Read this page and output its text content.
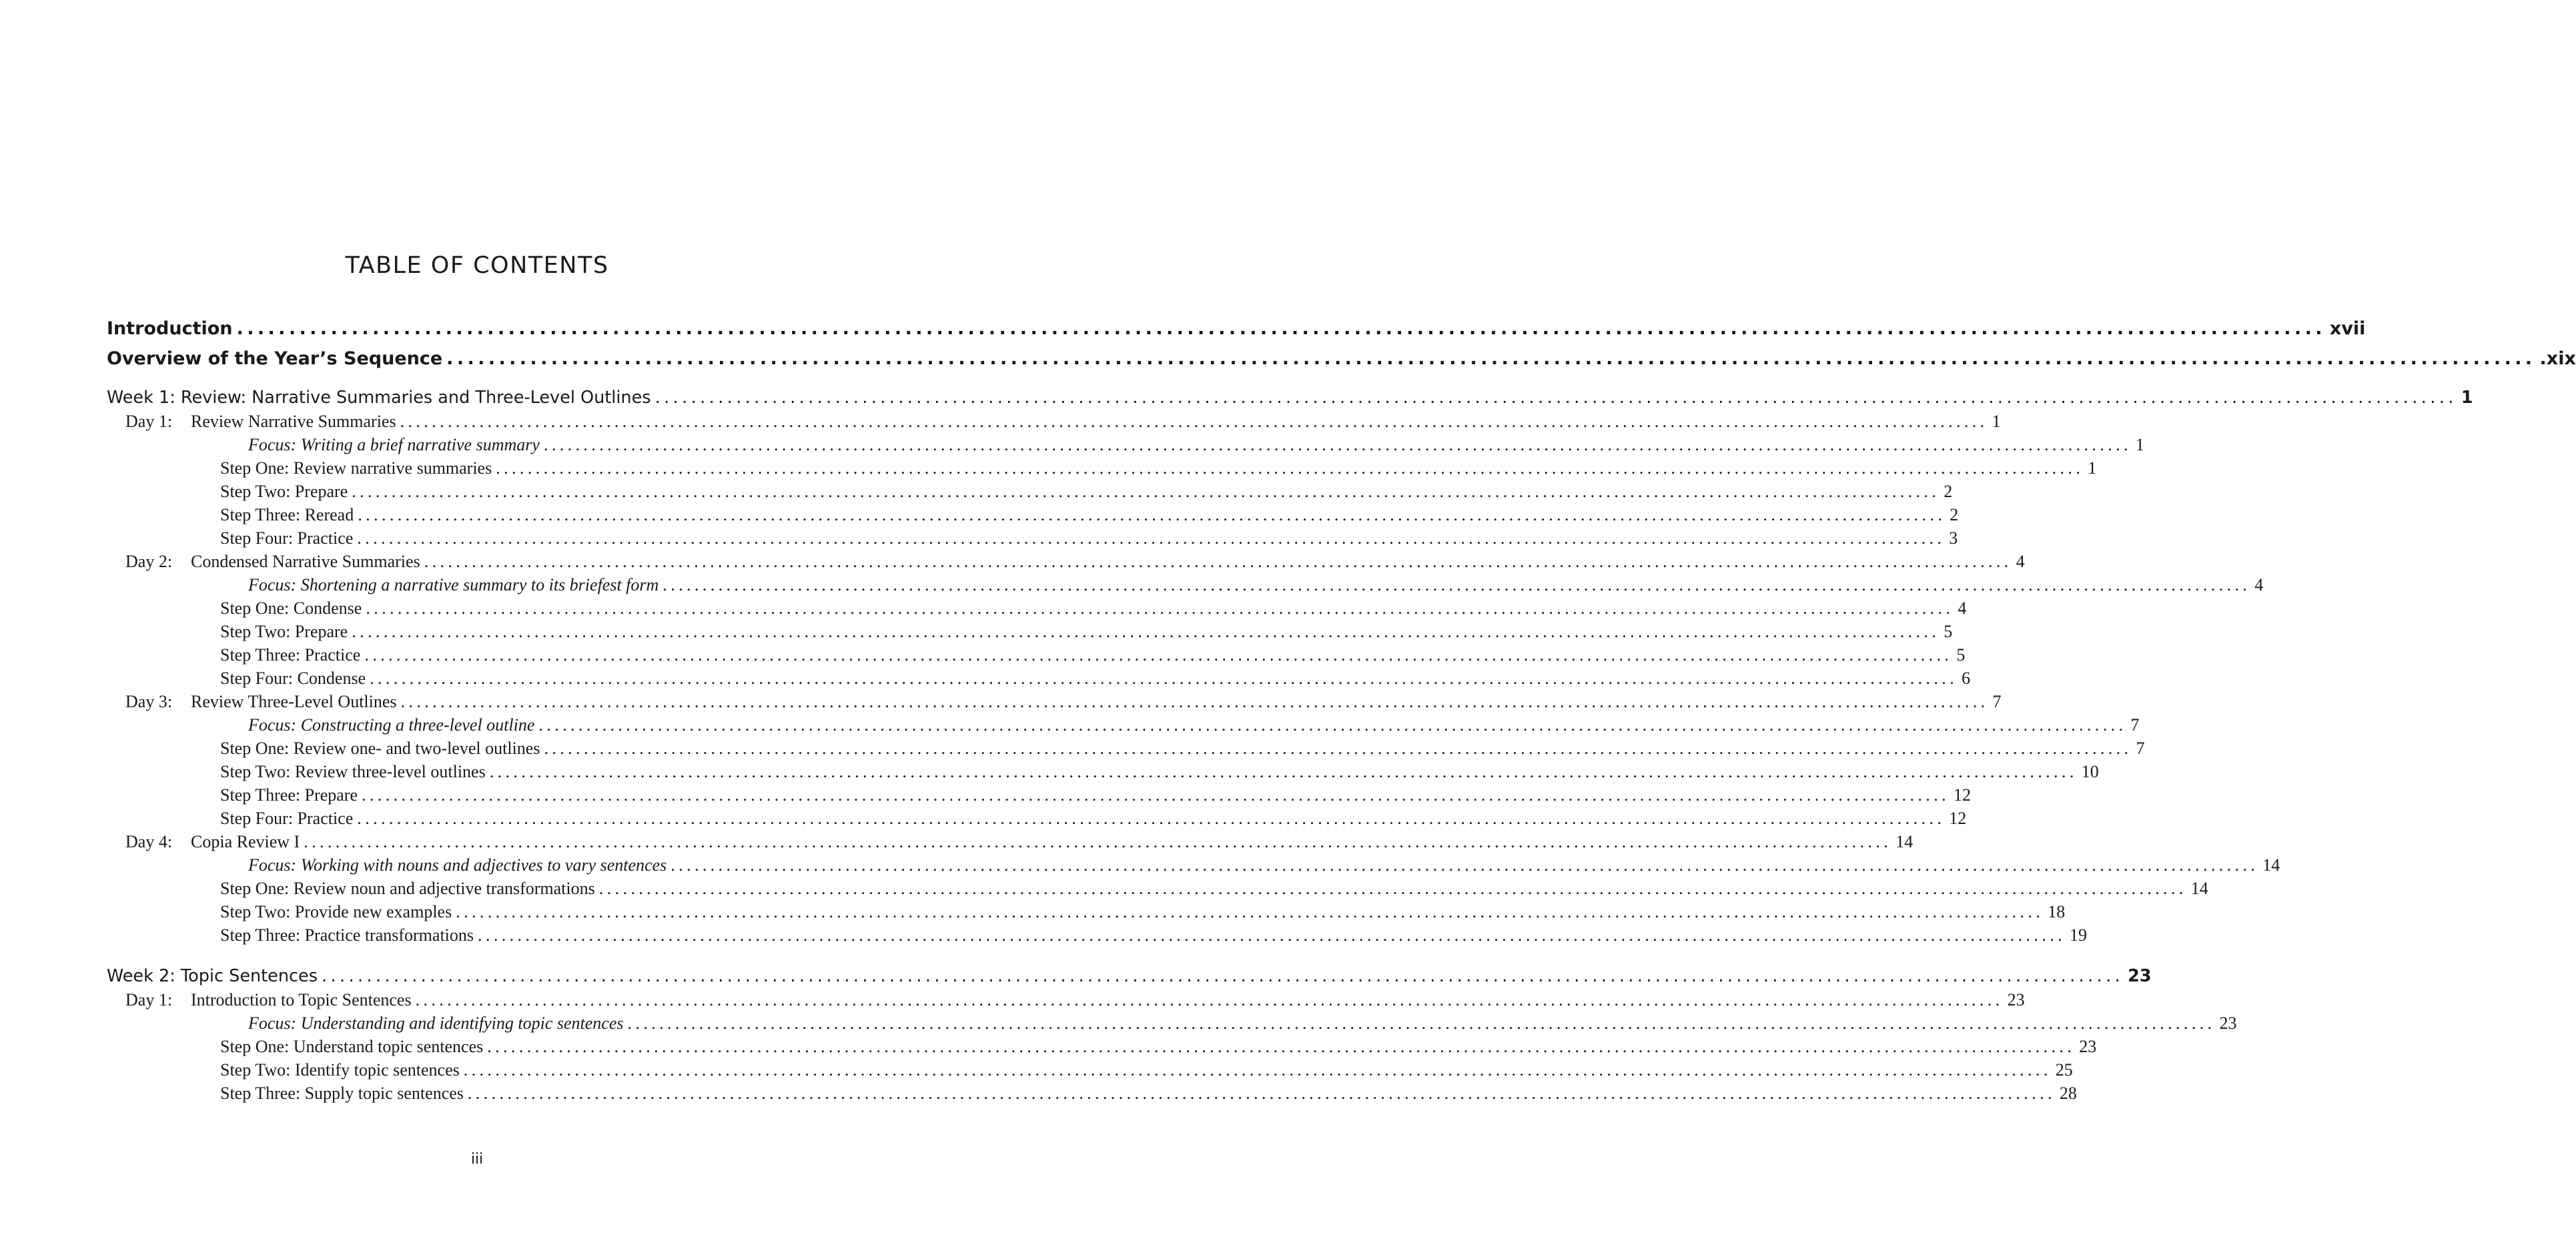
TABLE OF CONTENTS
Introduction ........................................................................................................................................................................................................ xvii
Overview of the Year’s Sequence ........................................................................................................................................................................................................ .xix
Week 1: Review: Narrative Summaries and Three-Level Outlines ........................................................................................................................................................................................................ 1
Day 1: Review Narrative Summaries ........................................................................................................................................................................................................ 1
Focus: Writing a brief narrative summary ........................................................................................................................................................................................................ 1
Step One: Review narrative summaries ........................................................................................................................................................................................................ 1
Step Two: Prepare ........................................................................................................................................................................................................ 2
Step Three: Reread ........................................................................................................................................................................................................ 2
Step Four: Practice ........................................................................................................................................................................................................ 3
Day 2: Condensed Narrative Summaries ........................................................................................................................................................................................................ 4
Focus: Shortening a narrative summary to its briefest form ........................................................................................................................................................................................................ 4
Step One: Condense ........................................................................................................................................................................................................ 4
Step Two: Prepare ........................................................................................................................................................................................................ 5
Step Three: Practice ........................................................................................................................................................................................................ 5
Step Four: Condense ........................................................................................................................................................................................................ 6
Day 3: Review Three-Level Outlines ........................................................................................................................................................................................................ 7
Focus: Constructing a three-level outline ........................................................................................................................................................................................................ 7
Step One: Review one- and two-level outlines ........................................................................................................................................................................................................ 7
Step Two: Review three-level outlines ........................................................................................................................................................................................................ 10
Step Three: Prepare ........................................................................................................................................................................................................ 12
Step Four: Practice ........................................................................................................................................................................................................ 12
Day 4: Copia Review I ........................................................................................................................................................................................................ 14
Focus: Working with nouns and adjectives to vary sentences ........................................................................................................................................................................................................ 14
Step One: Review noun and adjective transformations ........................................................................................................................................................................................................ 14
Step Two: Provide new examples ........................................................................................................................................................................................................ 18
Step Three: Practice transformations ........................................................................................................................................................................................................ 19
Week 2: Topic Sentences ........................................................................................................................................................................................................ 23
Day 1: Introduction to Topic Sentences ........................................................................................................................................................................................................ 23
Focus: Understanding and identifying topic sentences ........................................................................................................................................................................................................ 23
Step One: Understand topic sentences ........................................................................................................................................................................................................ 23
Step Two: Identify topic sentences ........................................................................................................................................................................................................ 25
Step Three: Supply topic sentences ........................................................................................................................................................................................................ 28
iii
